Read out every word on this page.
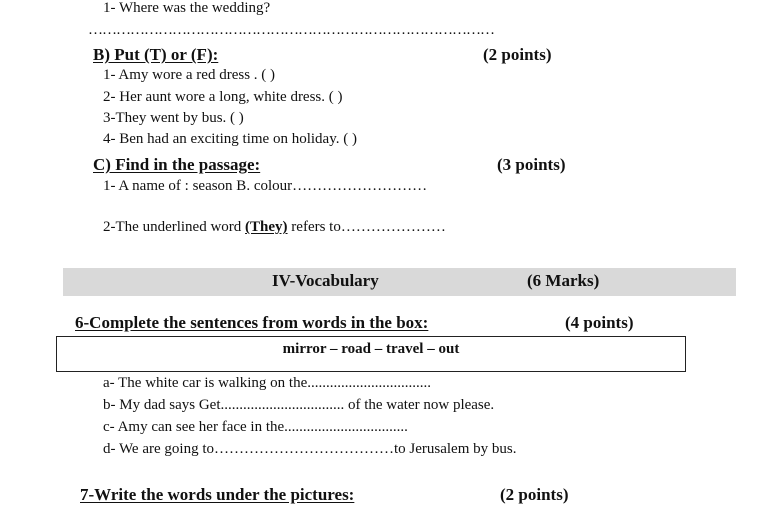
1- Where was the wedding?
……………………………………………………………………………
B) Put (T) or (F):	(2 points)
1- Amy wore a red dress . ( )
2- Her aunt wore a long, white dress. ( )
3-They went by bus. ( )
4- Ben had an exciting time on holiday. ( )
C) Find in the passage:	(3 points)
1- A name of : season B. colour………………………
2-The underlined word (They) refers to…………………
IV-Vocabulary	(6 Marks)
6-Complete the sentences from words in the box:	(4 points)
mirror – road – travel – out
a- The white car is walking on the.................................
b- My dad says Get................................. of the water now please.
c- Amy can see her face in the.................................
d- We are going to………………………………to Jerusalem by bus.
7-Write the words under the pictures:	(2 points)
